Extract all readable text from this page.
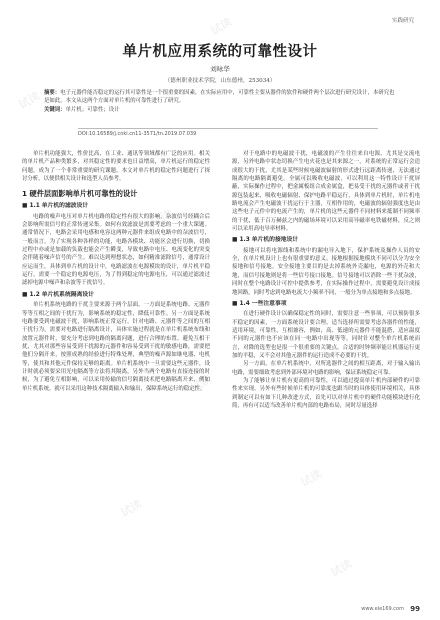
实践研究
试读
试读
试读
试读
试读
试读
试读
试读
试读
单片机应用系统的可靠性设计
刘咏华
（德州职业技术学院，山东德州，253034）
摘要：电子元器件能否稳定的运行其可靠性是一个很重要的因素，在实际应用中，可靠性主要从器件的软件和硬件两个层次进行研究设计，本研究也是如此，本文从这两个方面对单片机的可靠性进行了研究。
关键词：单片机；可靠性；设计
DOI:10.16589/j.cnki.cn11-3571/tn.2019.07.039

单片机功能强大，性价比高，在工业、通讯等领域都有广泛的应用。相关的单片机产品种类繁多，对其稳定性的要求也日益增高，单片机运行的稳定性问题，成为了一个非常重要的研究课题，本文对单片机的稳定性问题进行了探讨分析，以便供相关设计和选型人员参考。

1 硬件层面影响单片机可靠性的设计
■ 1.1 单片机的滤波设计

电路的噪声电压对单片机电路的稳定性有很大的影响，杂波信号经耦合后会影响所需信号的正常传递采集。如何有效滤波是需要考虑的一个重大课题。通常情况下，电路会采用电感和电容这两种元器件来组成电路中的杂波信号，一般而言，为了实现各种各样的功能，电路各模块、功能区会进行切换，切换过程中亦或是加载的负载也能会产生瞬变，导致电路中电压、电流变化的突变会伴随着噪声信号的产生。难以达到理想状态，如何精准滤除信号，通常设计应运而生，具体到单片机的设计中，电路滤波在电源模块的设计，单片机平稳运行，需要一个稳定的电源电压，为了得到稳定的电源电压，可以通过滤波过滤掉电源中噪声和杂波等干扰信号。

■ 1.2 单片机系统隔离设计

单片机系统电路的干扰主要来源于两个层面，一方面是系统电路、元器件等等互相之间的干扰行为，影响系统的稳定性，降低可靠性。另一方面是系统电路要受到电磁波干扰，影响系统正常运行，针对电路、元器件等之间的互相干扰行为，需要对电路进行隔离设计，具体实施过程就是在单片机系统布线和放置元器件时，要充分考虑到电路的隔离问题，进行合理的布置。避免互相干扰，尤其对那些容易受到干扰源的元器件和容易受到干扰的敏感电路，需要把他们分隔开来，按照成熟的经验进行特殊处理，典型的噪声源如继电器、电机等，使其和其他元件保持足够的距离。单片机系统中一旦需要这些元器件，设计时就必须要采用光电隔离等方法将其隔离，另外当两个电路有直接连接的时候，为了避免互相影响，可以采用传输的信号隔离技术把电路隔离开来，例如单片机系统，就可以采用这种技术隔离输入和输出，保障系统运行的稳定性。

对于电路中的电磁波干扰，电磁波的产生往往来自电源、尤其是交流电源，另外电路中状态切换产生电火花也是其来源之一，对系统的正常运行会造成很大的干扰，尤其是某些时候电磁波辐射的形式进行远距离传递，无法通过隔离的电路隔离避免。全属可以吸收电磁波，可以利用这一特性设计干扰屏蔽，实际操作过程中，把金属板组合成金属盒，把易受干扰的元器件或者干扰源包装起来，吸收电磁辐射，保护电路平稳运行，具体到单片机时，单片机电路电流会产生电磁波干扰运行于主器，互相作用的，电磁波的辐射强度也是由这些电子元件中的电流产生的，单片机的这些元器件不同材料来抵制不同频率的干扰，低于百万赫兹之内的磁场环境可以采用高导磁率电铁磁材料，反之则可以采用高电导率材料。

■ 1.3 单片机的接地设计

接地可以将电源线和系统中的漏电导入地下，保护系统及操作人员的安全，在单片机设计上也有很重要的意义。接地根据接地模块不同可以分为安全接地和信号接地。安全接地主要目的是去掉系统外壳漏电，电源的外壳和大地，而信号接地则是将一些信号接口接地。信号接地可以消除一些干扰杂波，同时在整个电路设计可控中提供参考，在实际操作过程中，需要避免设计成接地回路，同时考虑到电路电流大小频率不同，一般分为单点接地和多点接地。

■ 1.4 一些注意事项

在进行硬件设计以确保稳定性的同时，需要注意一些事项，可以预防很多不稳定的因素，一方面系统设计要合理，适当选择所需要考虑各器件的性能，适用环境，可靠性，互相兼容，例如，高、低速的元器件不能混搭，适应温度不同的元器件也不应该在同一电路中出现等等，同时针对整个单片机系统而言，对降的选型也是很一个很重要的关键点。合适的时钟频率能让机器运行更加的平稳，又不会对其他元器件的运行造成不必要的干扰。

另一方面，在单片机系统中，对所选器件之间的相互距离，对于输入输出电路，需要细致考虑到外部环境对电路的影响，保证系统稳定可靠。

为了能够让单片机有更高的可靠性，可以通过提高单片机内部硬件的可靠性来实现，另外有些时候单片机的可靠度也跟当时的具体使用环境相关，具体到制定可以有如下几种改进方式，首先可以对单片机中的硬件功能模块进行化简，再有可以适当改善单片机内部的电路布局，同时尽量选择

www.ele169.com 99
